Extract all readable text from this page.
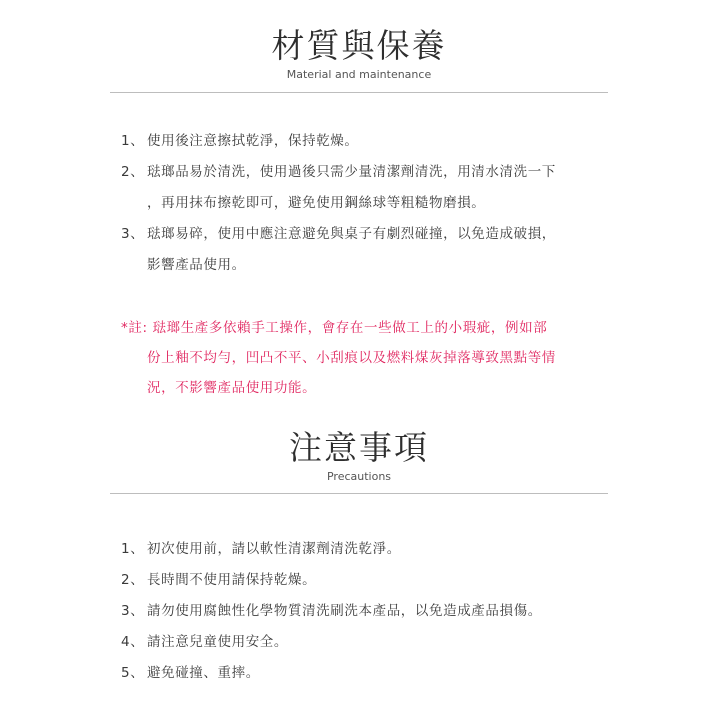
材質與保養
Material and maintenance
1、 使用後注意擦拭乾淨，保持乾燥。
2、 琺瑯品易於清洗，使用過後只需少量清潔劑清洗，用清水清洗一下
，再用抹布擦乾即可，避免使用鋼絲球等粗糙物磨損。
3、 琺瑯易碎，使用中應注意避免與桌子有劇烈碰撞，以免造成破損，
影響產品使用。
*註: 琺瑯生產多依賴手工操作，會存在一些做工上的小瑕疵，例如部
份上釉不均勻，凹凸不平、小刮痕以及燃料煤灰掉落導致黑點等情
況，不影響產品使用功能。
注意事項
Precautions
1、 初次使用前，請以軟性清潔劑清洗乾淨。
2、 長時間不使用請保持乾燥。
3、 請勿使用腐蝕性化學物質清洗刷洗本產品，以免造成產品損傷。
4、 請注意兒童使用安全。
5、 避免碰撞、重摔。
